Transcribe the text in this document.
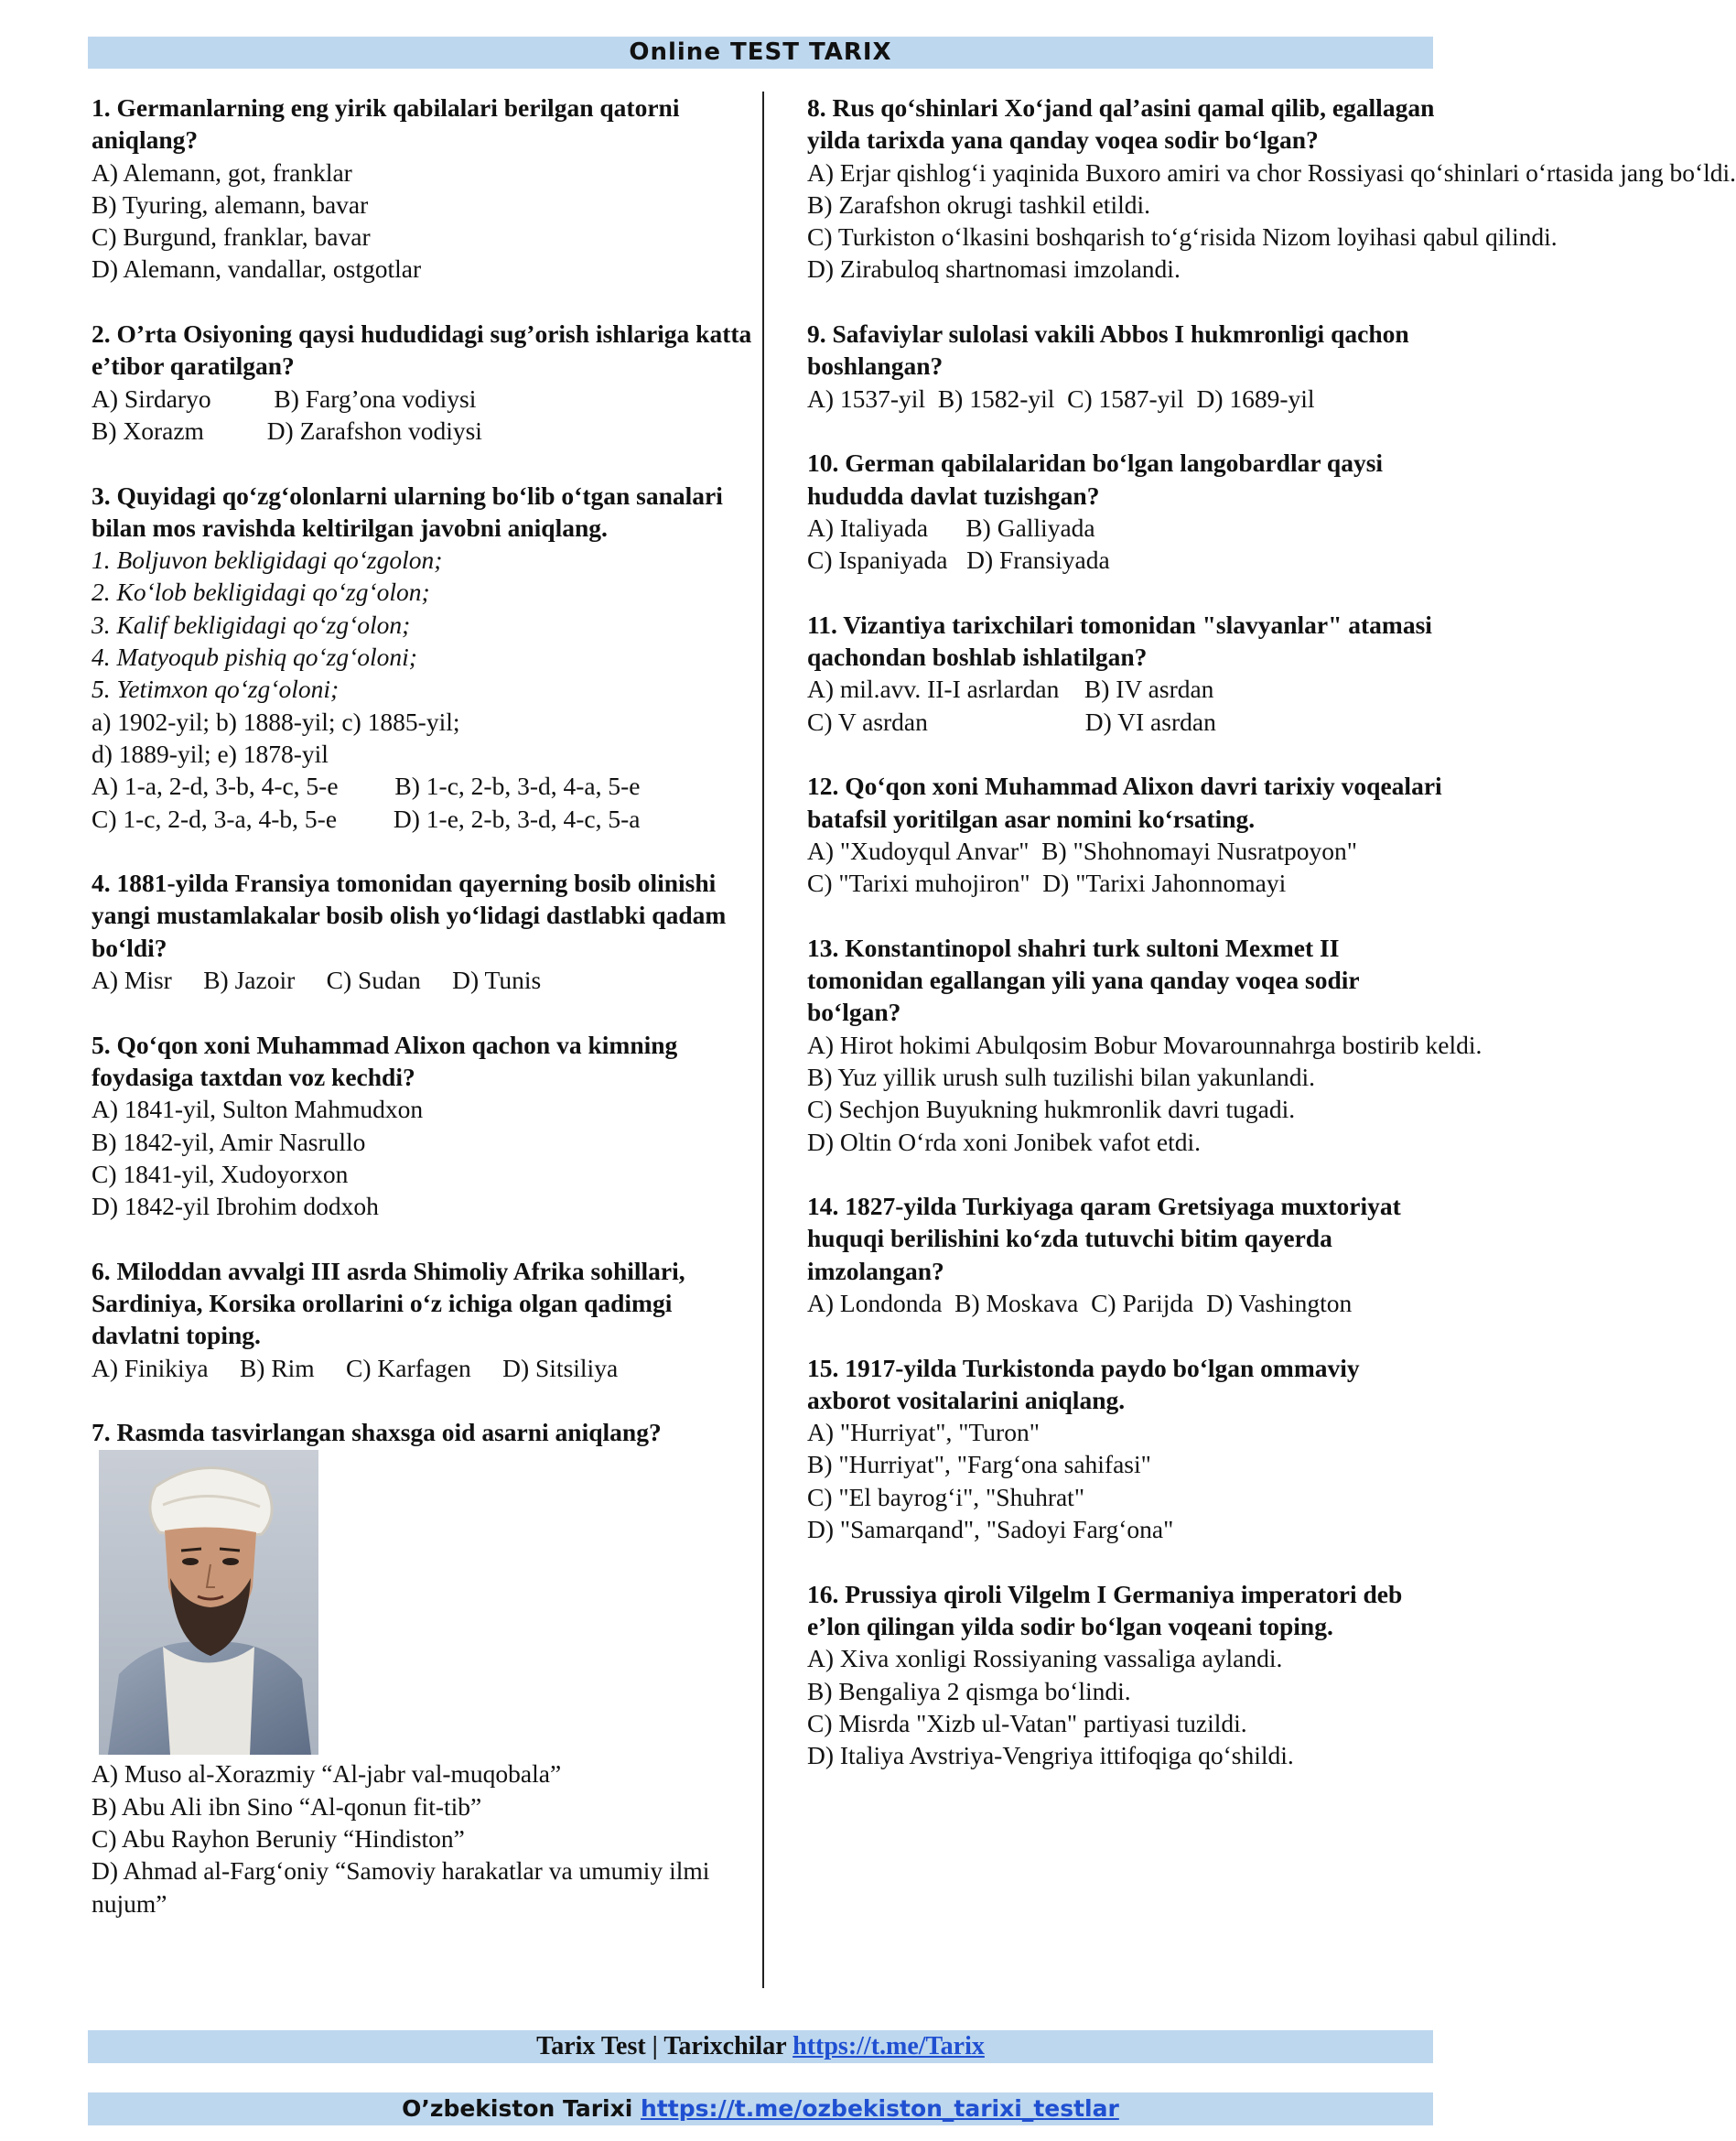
Online TEST TARIX
1. Germanlarning eng yirik qabilalari berilgan qatorni aniqlang?
A) Alemann, got, franklar
B) Tyuring, alemann, bavar
C) Burgund, franklar, bavar
D) Alemann, vandallar, ostgotlar
2. O’rta Osiyoning qaysi hududidagi sug’orish ishlariga katta e’tibor qaratilgan?
A) Sirdaryo          B) Farg’ona vodiysi
B) Xorazm          D) Zarafshon vodiysi
3. Quyidagi qo‘zg‘olonlarni ularning bo‘lib o‘tgan sanalari bilan mos ravishda keltirilgan javobni aniqlang.
1. Boljuvon bekligidagi qo‘zgolon;
2. Ko‘lob bekligidagi qo‘zg‘olon;
3. Kalif bekligidagi qo‘zg‘olon;
4. Matyoqub pishiq qo‘zg‘oloni;
5. Yetimxon qo‘zg‘oloni;
a) 1902-yil; b) 1888-yil; c) 1885-yil;
d) 1889-yil; e) 1878-yil
A) 1-a, 2-d, 3-b, 4-c, 5-e         B) 1-c, 2-b, 3-d, 4-a, 5-e
C) 1-c, 2-d, 3-a, 4-b, 5-e         D) 1-e, 2-b, 3-d, 4-c, 5-a
4. 1881-yilda Fransiya tomonidan qayerning bosib olinishi yangi mustamlakalar bosib olish yo‘lidagi dastlabki qadam bo‘ldi?
A) Misr     B) Jazoir     C) Sudan     D) Tunis
5. Qo‘qon xoni Muhammad Alixon qachon va kimning foydasiga taxtdan voz kechdi?
A) 1841-yil, Sulton Mahmudxon
B) 1842-yil, Amir Nasrullo
C) 1841-yil, Xudoyorxon
D) 1842-yil Ibrohim dodxoh
6. Miloddan avvalgi III asrda Shimoliy Afrika sohillari, Sardiniya, Korsika orollarini o‘z ichiga olgan qadimgi davlatni toping.
A) Finikiya     B) Rim     C) Karfagen     D) Sitsiliya
7. Rasmda tasvirlangan shaxsga oid asarni aniqlang?
A) Muso al-Xorazmiy “Al-jabr val-muqobala”
B) Abu Ali ibn Sino “Al-qonun fit-tib”
C) Abu Rayhon Beruniy “Hindiston”
D) Ahmad al-Farg‘oniy “Samoviy harakatlar va umumiy ilmi nujum”
8. Rus qo‘shinlari Xo‘jand qal’asini qamal qilib, egallagan yilda tarixda yana qanday voqea sodir bo‘lgan?
A) Erjar qishlog‘i yaqinida Buxoro amiri va chor Rossiyasi qo‘shinlari o‘rtasida jang bo‘ldi.
B) Zarafshon okrugi tashkil etildi.
C) Turkiston o‘lkasini boshqarish to‘g‘risida Nizom loyihasi qabul qilindi.
D) Zirabuloq shartnomasi imzolandi.
9. Safaviylar sulolasi vakili Abbos I hukmronligi qachon boshlangan?
A) 1537-yil  B) 1582-yil  C) 1587-yil  D) 1689-yil
10. German qabilalaridan bo‘lgan langobardlar qaysi hududda davlat tuzishgan?
A) Italiyada      B) Galliyada
C) Ispaniyada   D) Fransiyada
11. Vizantiya tarixchilari tomonidan "slavyanlar" atamasi qachondan boshlab ishlatilgan?
A) mil.avv. II-I asrlardan    B) IV asrdan
C) V asrdan                         D) VI asrdan
12. Qo‘qon xoni Muhammad Alixon davri tarixiy voqealari batafsil yoritilgan asar nomini ko‘rsating.
A) "Xudoyqul Anvar"  B) "Shohnomayi Nusratpoyon"
C) "Tarixi muhojiron"  D) "Tarixi Jahonnomayi
13. Konstantinopol shahri turk sultoni Mexmet II tomonidan egallangan yili yana qanday voqea sodir bo‘lgan?
A) Hirot hokimi Abulqosim Bobur Movarounnahrga bostirib keldi.
B) Yuz yillik urush sulh tuzilishi bilan yakunlandi.
C) Sechjon Buyukning hukmronlik davri tugadi.
D) Oltin O‘rda xoni Jonibek vafot etdi.
14. 1827-yilda Turkiyaga qaram Gretsiyaga muxtoriyat huquqi berilishini ko‘zda tutuvchi bitim qayerda imzolangan?
A) Londonda  B) Moskava  C) Parijda  D) Vashington
15. 1917-yilda Turkistonda paydo bo‘lgan ommaviy axborot vositalarini aniqlang.
A) "Hurriyat", "Turon"
B) "Hurriyat", "Farg‘ona sahifasi"
C) "El bayrog‘i", "Shuhrat"
D) "Samarqand", "Sadoyi Farg‘ona"
16. Prussiya qiroli Vilgelm I Germaniya imperatori deb e’lon qilingan yilda sodir bo‘lgan voqeani toping.
A) Xiva xonligi Rossiyaning vassaliga aylandi.
B) Bengaliya 2 qismga bo‘lindi.
C) Misrda "Xizb ul-Vatan" partiyasi tuzildi.
D) Italiya Avstriya-Vengriya ittifoqiga qo‘shildi.
Tarix Test | Tarixchilar https://t.me/Tarix
O’zbekiston Tarixi https://t.me/ozbekiston_tarixi_testlar
